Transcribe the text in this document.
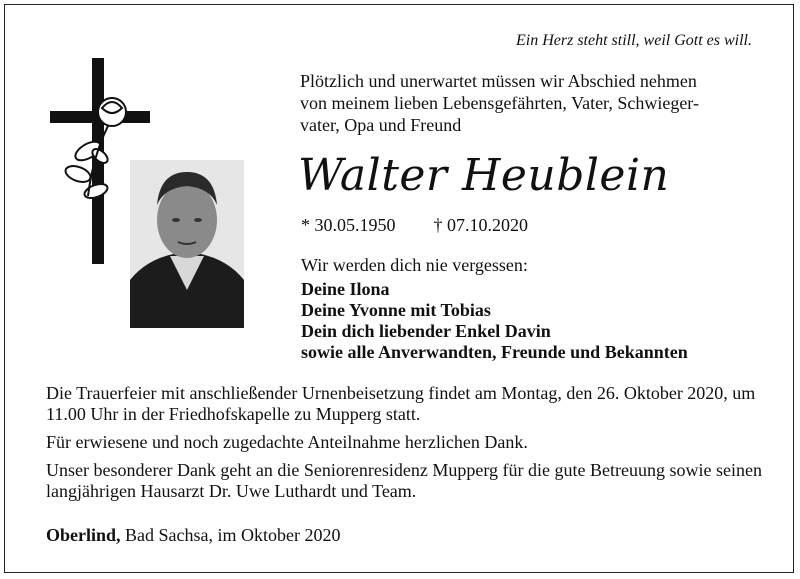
Ein Herz steht still, weil Gott es will.
Plötzlich und unerwartet müssen wir Abschied nehmen
von meinem lieben Lebensgefährten, Vater, Schwieger-
vater, Opa und Freund
Walter Heublein
* 30.05.1950 † 07.10.2020
Wir werden dich nie vergessen:
Deine Ilona
Deine Yvonne mit Tobias
Dein dich liebender Enkel Davin
sowie alle Anverwandten, Freunde und Bekannten

Die Trauerfeier mit anschließender Urnenbeisetzung findet am Montag, den 26. Oktober 2020, um 11.00 Uhr in der Friedhofskapelle zu Mupperg statt.

Für erwiesene und noch zugedachte Anteilnahme herzlichen Dank.

Unser besonderer Dank geht an die Seniorenresidenz Mupperg für die gute Betreuung sowie seinen langjährigen Hausarzt Dr. Uwe Luthardt und Team.

Oberlind, Bad Sachsa, im Oktober 2020
